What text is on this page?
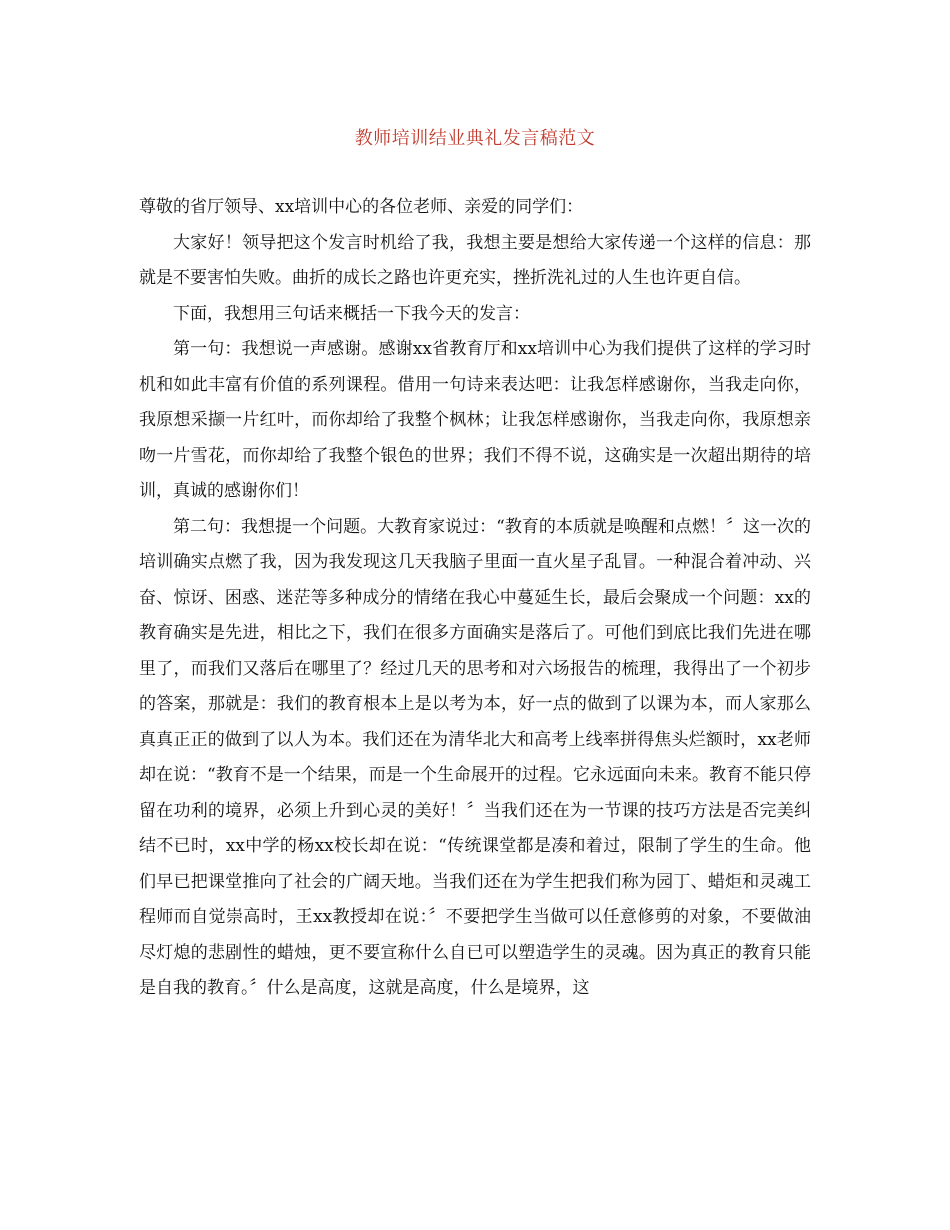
教师培训结业典礼发言稿范文

尊敬的省厅领导、xx培训中心的各位老师、亲爱的同学们：

大家好！领导把这个发言时机给了我，我想主要是想给大家传递一个这样的信息：那就是不要害怕失败。曲折的成长之路也许更充实，挫折洗礼过的人生也许更自信。

下面，我想用三句话来概括一下我今天的发言：

第一句：我想说一声感谢。感谢xx省教育厅和xx培训中心为我们提供了这样的学习时机和如此丰富有价值的系列课程。借用一句诗来表达吧：让我怎样感谢你，当我走向你，我原想采撷一片红叶，而你却给了我整个枫林；让我怎样感谢你，当我走向你，我原想亲吻一片雪花，而你却给了我整个银色的世界；我们不得不说，这确实是一次超出期待的培训，真诚的感谢你们！

第二句：我想提一个问题。大教育家说过：“教育的本质就是唤醒和点燃！〞这一次的培训确实点燃了我，因为我发现这几天我脑子里面一直火星子乱冒。一种混合着冲动、兴奋、惊讶、困惑、迷茫等多种成分的情绪在我心中蔓延生长，最后会聚成一个问题：xx的教育确实是先进，相比之下，我们在很多方面确实是落后了。可他们到底比我们先进在哪里了，而我们又落后在哪里了？经过几天的思考和对六场报告的梳理，我得出了一个初步的答案，那就是：我们的教育根本上是以考为本，好一点的做到了以课为本，而人家那么真真正正的做到了以人为本。我们还在为清华北大和高考上线率拼得焦头烂额时，xx老师却在说：“教育不是一个结果，而是一个生命展开的过程。它永远面向未来。教育不能只停留在功利的境界，必须上升到心灵的美好！〞当我们还在为一节课的技巧方法是否完美纠结不已时，xx中学的杨xx校长却在说：“传统课堂都是凑和着过，限制了学生的生命。他们早已把课堂推向了社会的广阔天地。当我们还在为学生把我们称为园丁、蜡炬和灵魂工程师而自觉崇高时，王xx教授却在说：〞不要把学生当做可以任意修剪的对象，不要做油尽灯熄的悲剧性的蜡烛，更不要宣称什么自已可以塑造学生的灵魂。因为真正的教育只能是自我的教育。〞什么是高度，这就是高度，什么是境界，这
